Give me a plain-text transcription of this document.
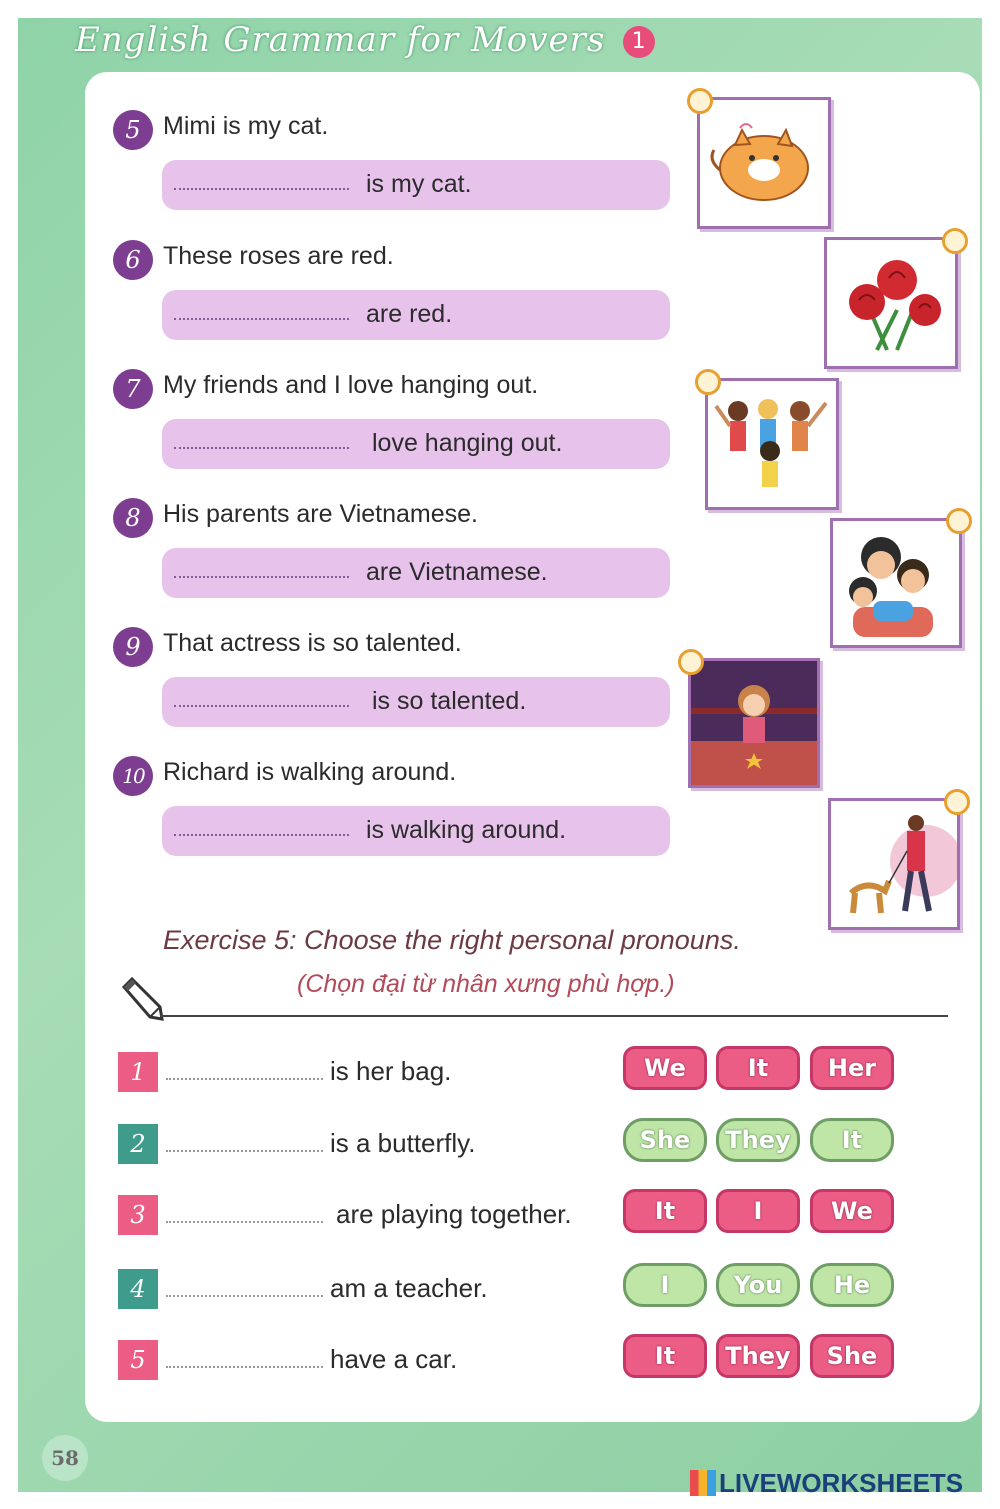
English Grammar for Movers 1
5 Mimi is my cat.
is my cat.
6 These roses are red.
are red.
7 My friends and I love hanging out.
love hanging out.
8 His parents are Vietnamese.
are Vietnamese.
9 That actress is so talented.
is so talented.
10 Richard is walking around.
is walking around.
Exercise 5: Choose the right personal pronouns.
(Chọn đại từ nhân xưng phù hợp.)
1	is her bag.	We	It	Her
2	is a butterfly.	She	They	It
3	are playing together.	It	I	We
4	am a teacher.	I	You	He
5	have a car.	It	They	She
58
LIVEWORKSHEETS
